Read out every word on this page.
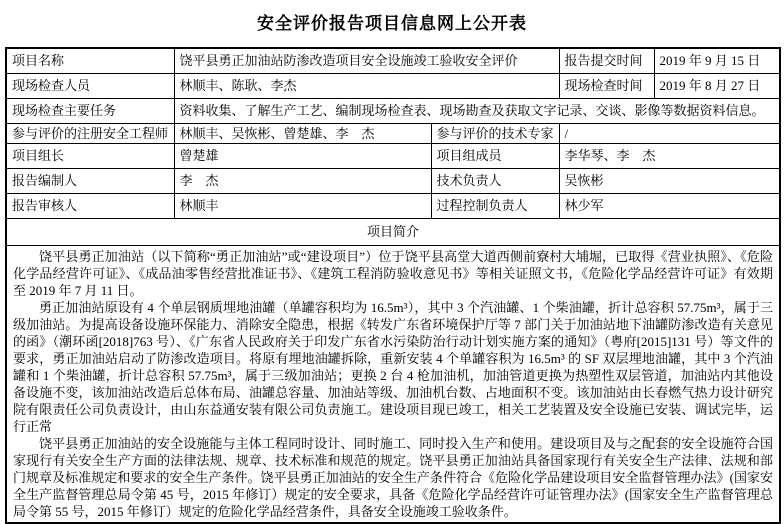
安全评价报告项目信息网上公开表
项目名称	饶平县勇正加油站防渗改造项目安全设施竣工验收安全评价		报告提交时间	2019 年 9 月 15 日
现场检查人员	林顺丰、陈耿、李杰		现场检查时间	2019 年 8 月 27 日
现场检查主要任务	资料收集、了解生产工艺、编制现场检查表、现场勘查及获取文字记录、交谈、影像等数据资料信息。			
参与评价的注册安全工程师	林顺丰、吴恢彬、曾楚雄、李　杰	参与评价的技术专家	/	
项目组长	曾楚雄	项目组成员	李华琴、李　杰	
报告编制人	李　杰	技术负责人	吴恢彬	
报告审核人	林顺丰	过程控制负责人	林少军	
项目简介				

饶平县勇正加油站（以下简称“勇正加油站”或“建设项目”）位于饶平县高堂大道西侧前寮村大埔堀，已取得《营业执照》、《危险化学品经营许可证》、《成品油零售经营批准证书》、《建筑工程消防验收意见书》等相关证照文书，《危险化学品经营许可证》有效期至 2019 年 7 月 11 日。

勇正加油站原设有 4 个单层钢质埋地油罐（单罐容积均为 16.5m³），其中 3 个汽油罐、1 个柴油罐，折计总容积 57.75m³，属于三级加油站。为提高设备设施环保能力、消除安全隐患，根据《转发广东省环境保护厅等 7 部门关于加油站地下油罐防渗改造有关意见的函》（潮环函[2018]763 号）、《广东省人民政府关于印发广东省水污染防治行动计划实施方案的通知》（粤府[2015]131 号）等文件的要求，勇正加油站启动了防渗改造项目。将原有埋地油罐拆除，重新安装 4 个单罐容积为 16.5m³ 的 SF 双层埋地油罐，其中 3 个汽油罐和 1 个柴油罐，折计总容积 57.75m³，属于三级加油站；更换 2 台 4 枪加油机，加油管道更换为热塑性双层管道，加油站内其他设备设施不变，该加油站改造后总体布局、油罐总容量、加油站等级、加油机台数、占地面积不变。该加油站由长春燃气热力设计研究院有限责任公司负责设计，由山东益通安装有限公司负责施工。建设项目现已竣工，相关工艺装置及安全设施已安装、调试完毕，运行正常

饶平县勇正加油站的安全设施能与主体工程同时设计、同时施工、同时投入生产和使用。建设项目及与之配套的安全设施符合国家现行有关安全生产方面的法律法规、规章、技术标准和规范的规定。饶平县勇正加油站具备国家现行有关安全生产法律、法规和部门规章及标准规定和要求的安全生产条件。饶平县勇正加油站的安全生产条件符合《危险化学品建设项目安全监督管理办法》(国家安全生产监督管理总局令第 45 号，2015 年修订）规定的安全要求，具备《危险化学品经营许可证管理办法》(国家安全生产监督管理总局令第 55 号，2015 年修订）规定的危险化学品经营条件，具备安全设施竣工验收条件。				
